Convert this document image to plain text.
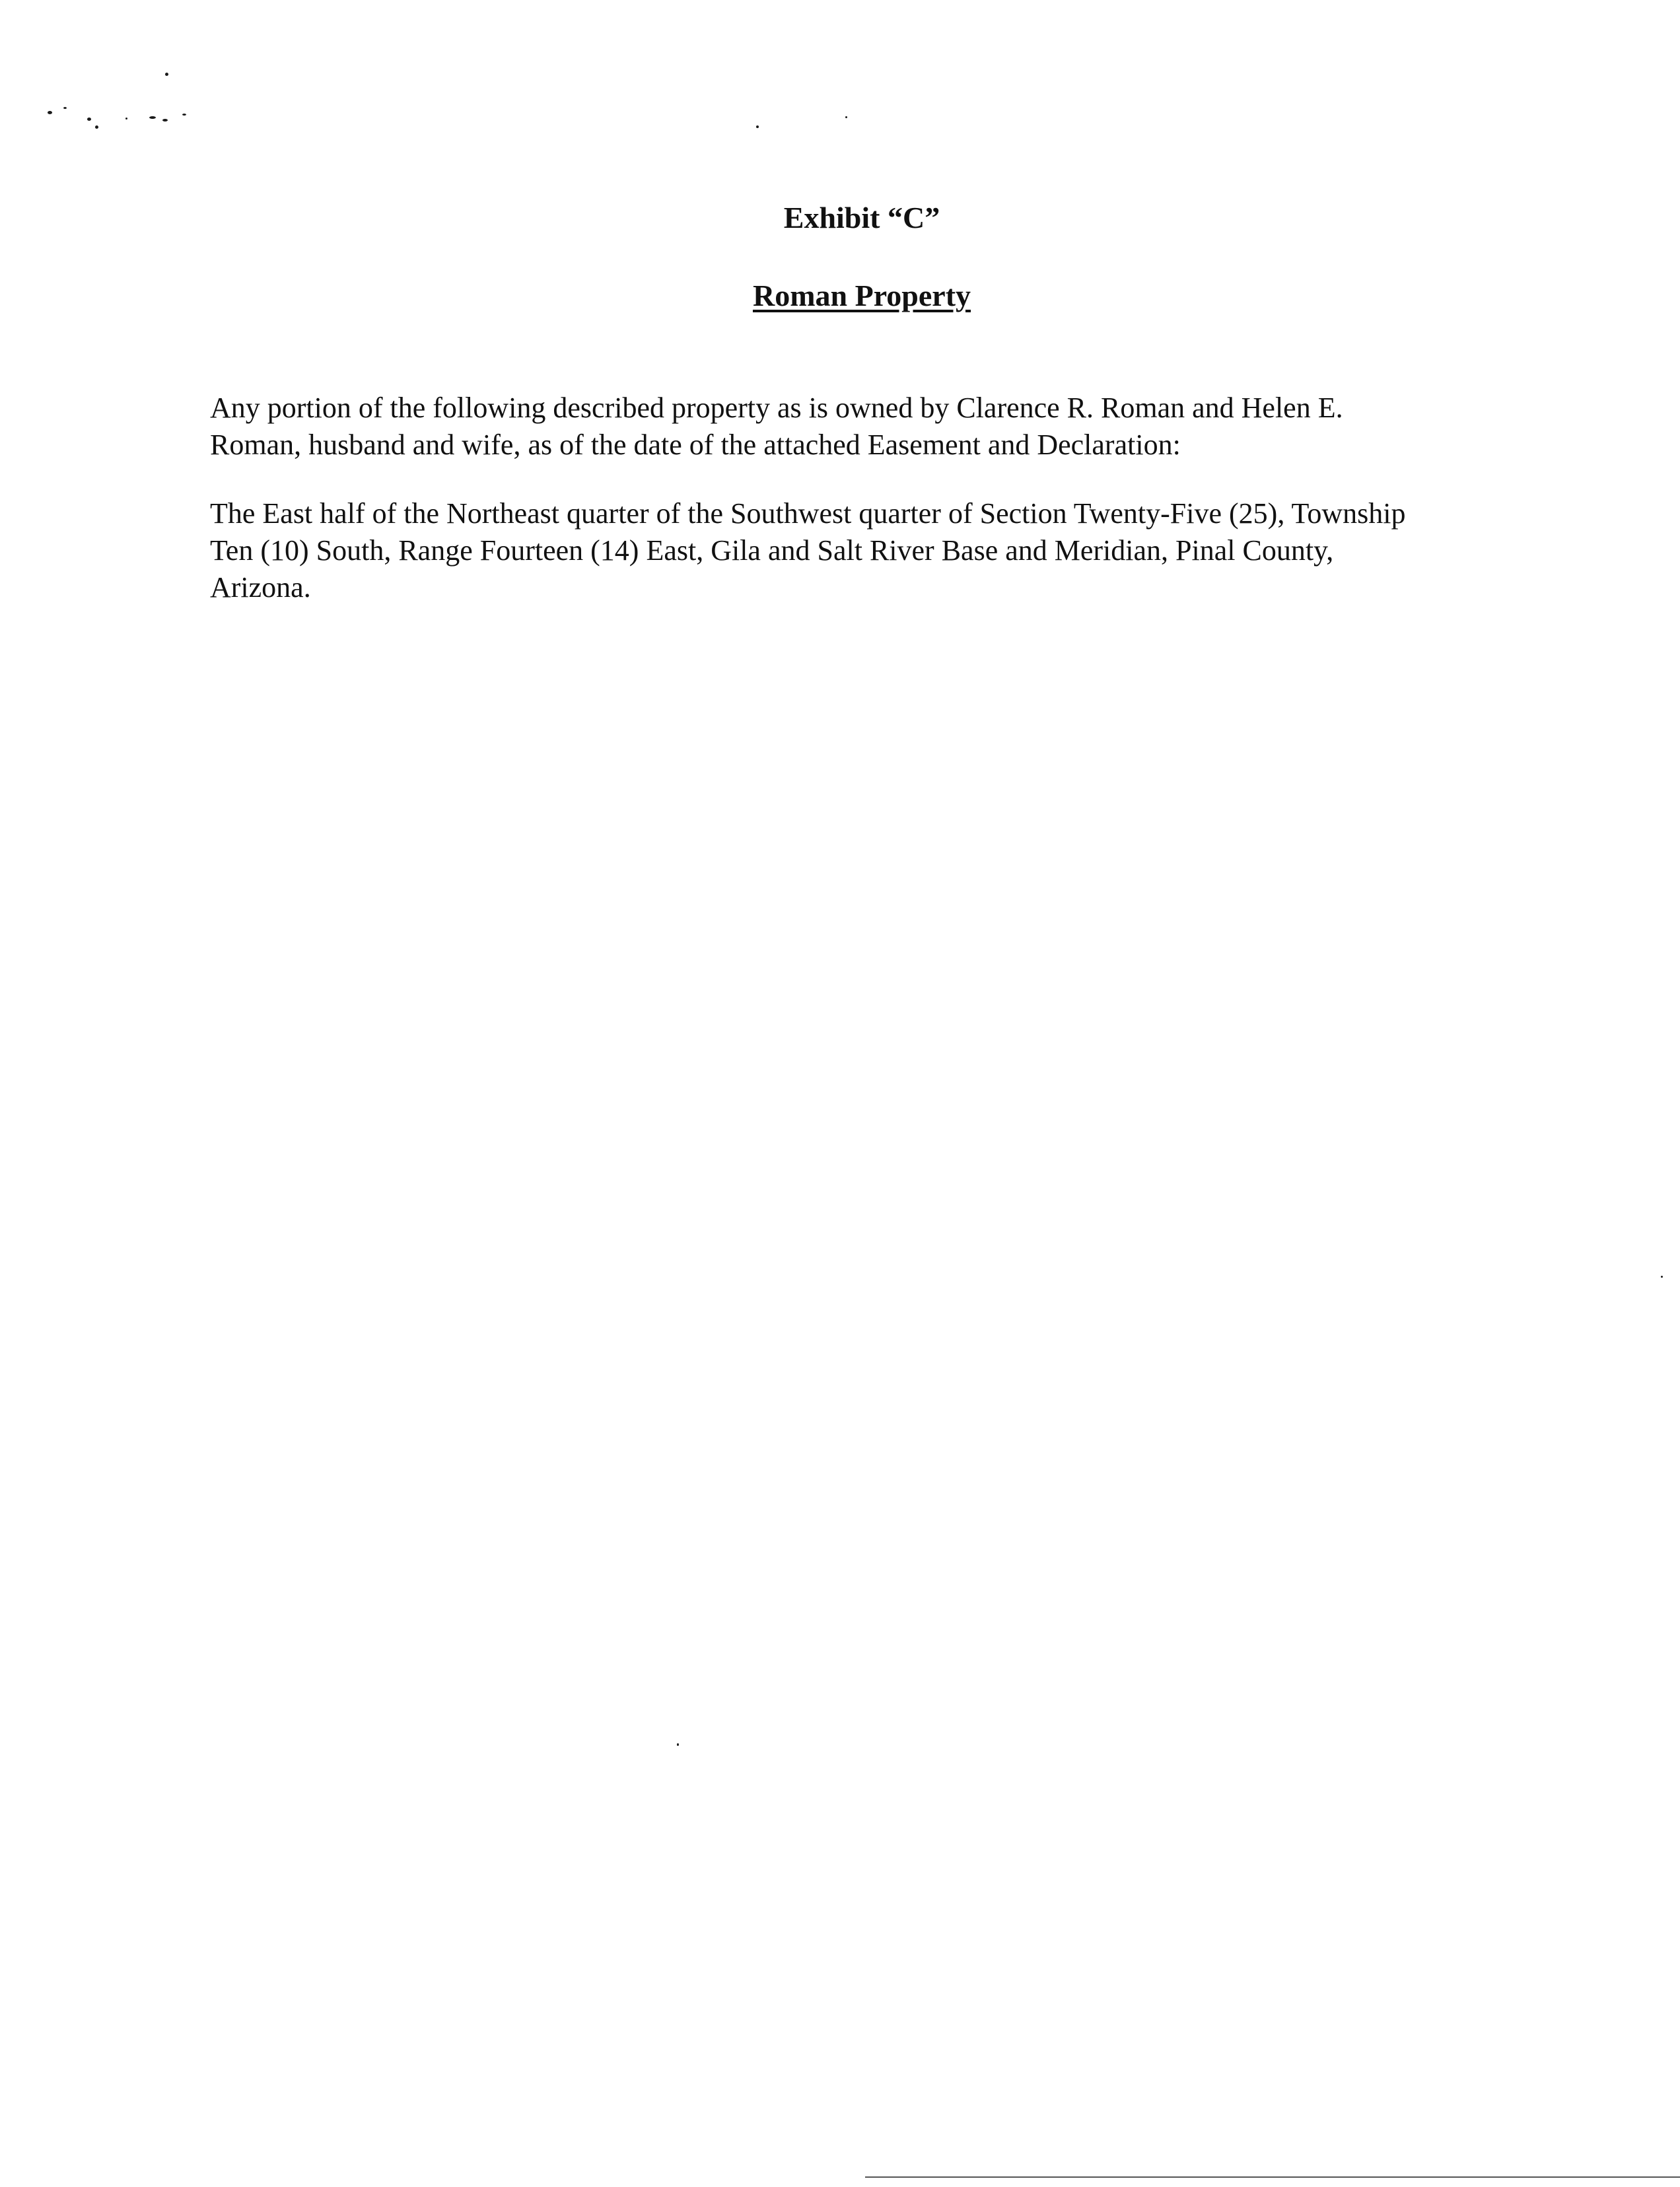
Exhibit “C”
Roman Property

Any portion of the following described property as is owned by Clarence R. Roman and Helen E.
Roman, husband and wife, as of the date of the attached Easement and Declaration:

The East half of the Northeast quarter of the Southwest quarter of Section Twenty-Five (25), Township
Ten (10) South, Range Fourteen (14) East, Gila and Salt River Base and Meridian, Pinal County,
Arizona.
